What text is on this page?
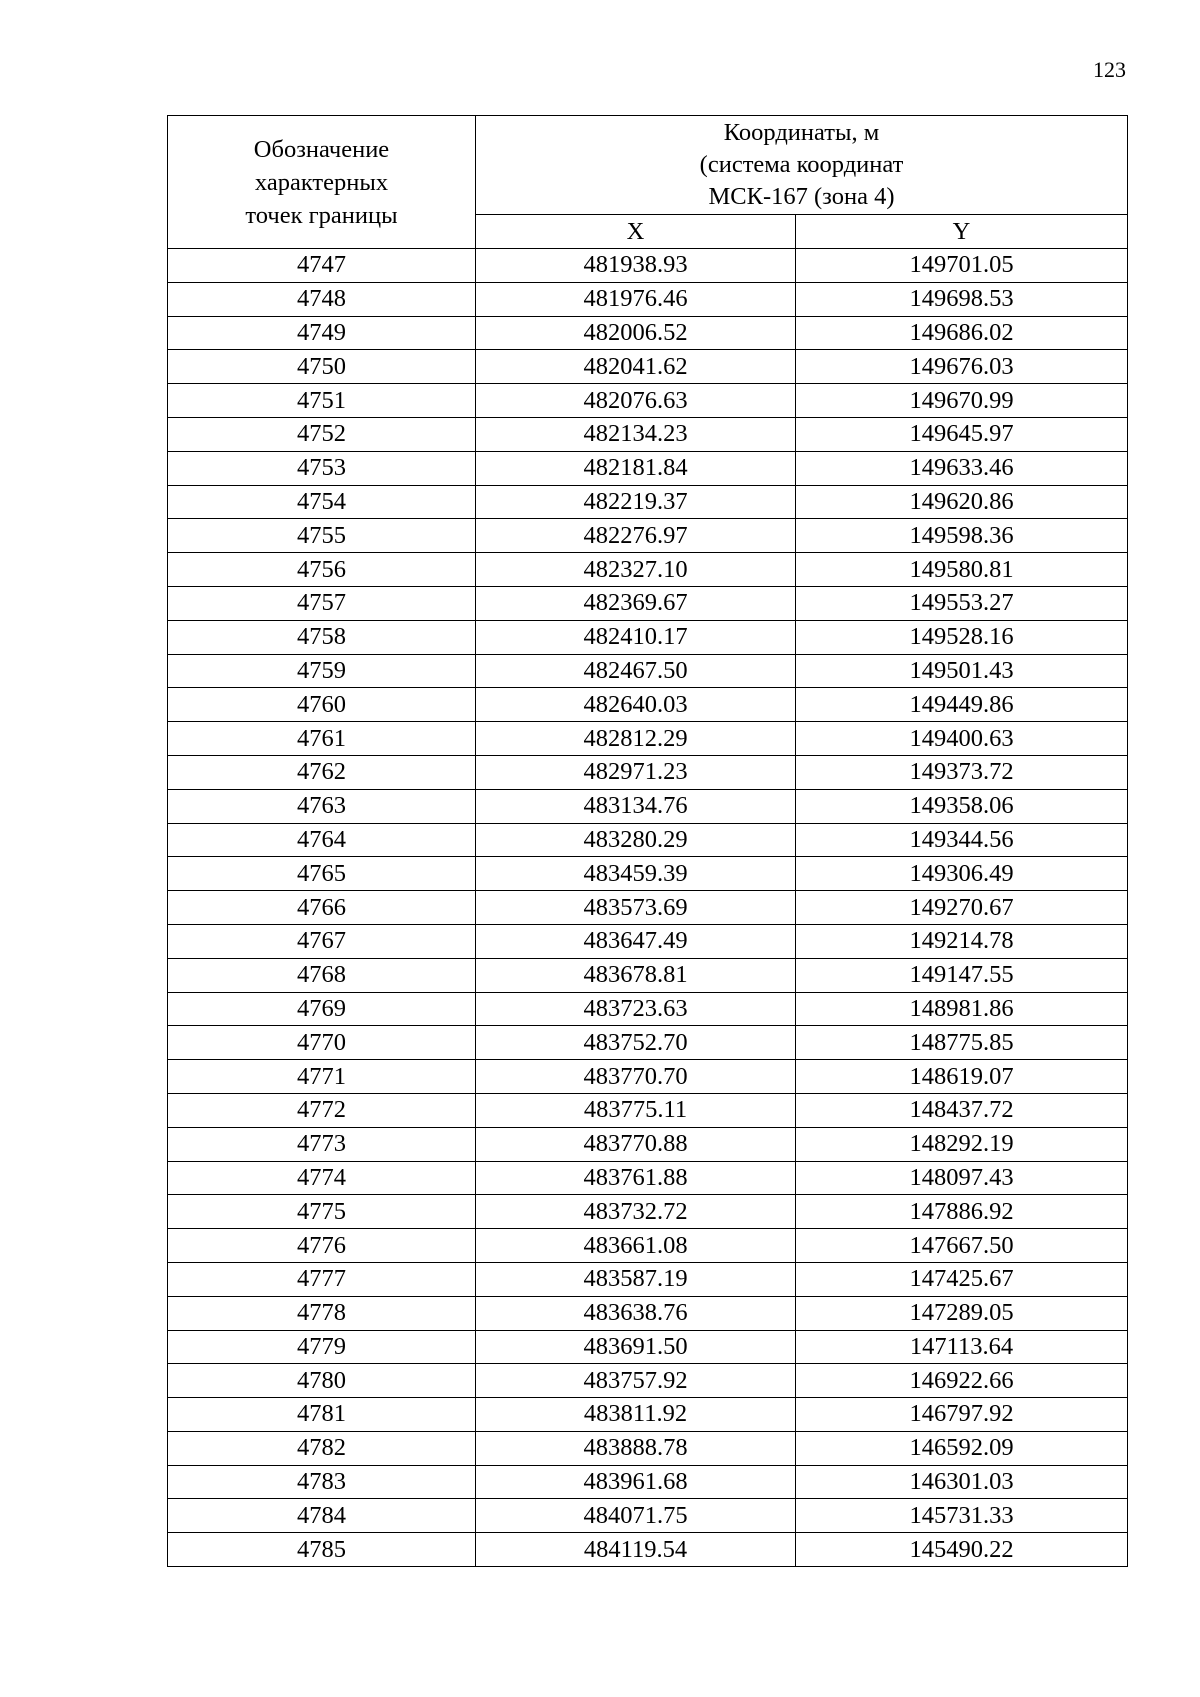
123
Обозначение
характерных
точек границы	Координаты, м
(система координат
МСК-167 (зона 4)	

	X	Y
4747	481938.93	149701.05
4748	481976.46	149698.53
4749	482006.52	149686.02
4750	482041.62	149676.03
4751	482076.63	149670.99
4752	482134.23	149645.97
4753	482181.84	149633.46
4754	482219.37	149620.86
4755	482276.97	149598.36
4756	482327.10	149580.81
4757	482369.67	149553.27
4758	482410.17	149528.16
4759	482467.50	149501.43
4760	482640.03	149449.86
4761	482812.29	149400.63
4762	482971.23	149373.72
4763	483134.76	149358.06
4764	483280.29	149344.56
4765	483459.39	149306.49
4766	483573.69	149270.67
4767	483647.49	149214.78
4768	483678.81	149147.55
4769	483723.63	148981.86
4770	483752.70	148775.85
4771	483770.70	148619.07
4772	483775.11	148437.72
4773	483770.88	148292.19
4774	483761.88	148097.43
4775	483732.72	147886.92
4776	483661.08	147667.50
4777	483587.19	147425.67
4778	483638.76	147289.05
4779	483691.50	147113.64
4780	483757.92	146922.66
4781	483811.92	146797.92
4782	483888.78	146592.09
4783	483961.68	146301.03
4784	484071.75	145731.33
4785	484119.54	145490.22
